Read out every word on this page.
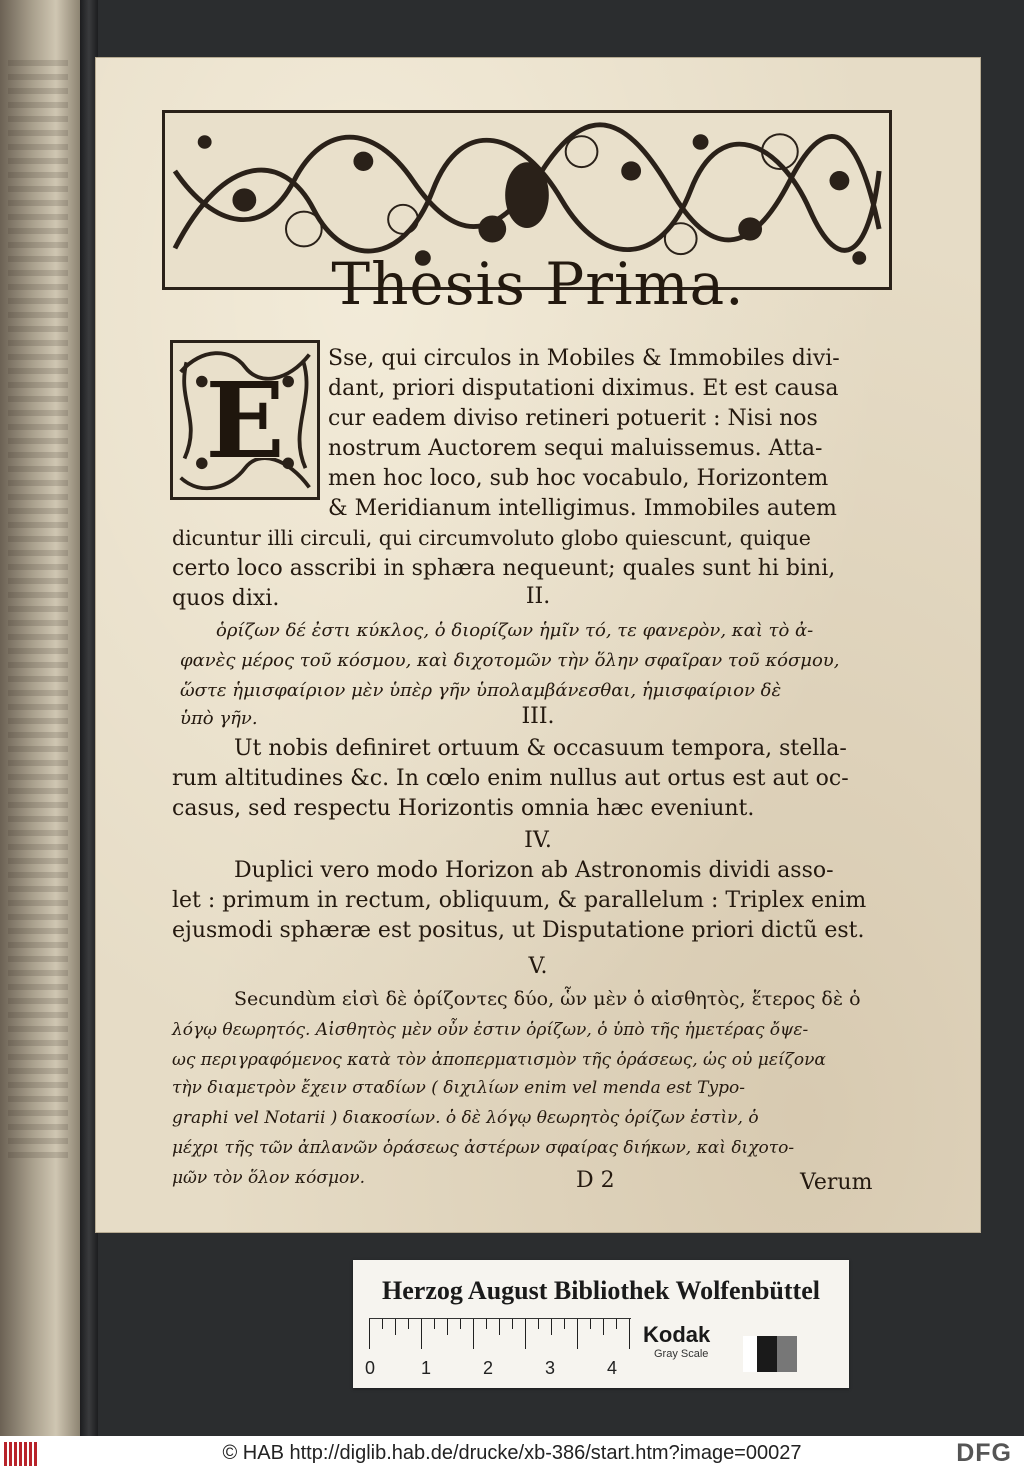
Thesis Prima.
E	Sse, qui circulos in Mobiles & Immobiles divi-
dant, priori disputationi diximus. Et est causa
cur eadem diviso retineri potuerit : Nisi nos
nostrum Auctorem sequi maluissemus. Atta-
men hoc loco, sub hoc vocabulo, Horizontem
& Meridianum intelligimus. Immobiles autem
dicuntur illi circuli, qui circumvoluto globo quiescunt, quique
certo loco asscribi in sphæra nequeunt; quales sunt hi bini,
quos dixi.	II.
ὁρίζων δέ ἐστι κύκλος, ὁ διορίζων ἡμῖν τό, τε φανερὸν, καὶ τὸ ἀ-
φανὲς μέρος τοῦ κόσμου, καὶ διχοτομῶν τὴν ὅλην σφαῖραν τοῦ κόσμου,
ὥστε ἡμισφαίριον μὲν ὑπὲρ γῆν ὑπολαμβάνεσθαι, ἡμισφαίριον δὲ
ὑπὸ γῆν.	III.
Ut nobis definiret ortuum & occasuum tempora, stella-
rum altitudines &c. In cœlo enim nullus aut ortus est aut oc-
casus, sed respectu Horizontis omnia hæc eveniunt.
IV.
Duplici vero modo Horizon ab Astronomis dividi asso-
let : primum in rectum, obliquum, & parallelum : Triplex enim
ejusmodi sphæræ est positus, ut Disputatione priori dictũ est.
V.
Secundùm εἰσὶ δὲ ὁρίζοντες δύο, ὧν μὲν ὁ αἰσθητὸς, ἕτερος δὲ ὁ
λόγῳ θεωρητός. Αἰσθητὸς μὲν οὖν ἐστιν ὁρίζων, ὁ ὑπὸ τῆς ἡμετέρας ὄψε-
ως περιγραφόμενος κατὰ τὸν ἀποπερματισμὸν τῆς ὁράσεως, ὡς οὐ μείζονα
τὴν διαμετρὸν ἔχειν σταδίων ( διχιλίων enim vel menda est Typo-
graphi vel Notarii ) διακοσίων. ὁ δὲ λόγῳ θεωρητὸς ὁρίζων ἐστὶν, ὁ
μέχρι τῆς τῶν ἀπλανῶν ὁράσεως ἀστέρων σφαίρας διήκων, καὶ διχοτο-
μῶν τὸν ὅλον κόσμον.	D 2	Verum
Herzog August Bibliothek Wolfenbüttel
0	1	2	3	4
Kodak
Gray Scale
© HAB http://diglib.hab.de/drucke/xb-386/start.htm?image=00027	DFG
